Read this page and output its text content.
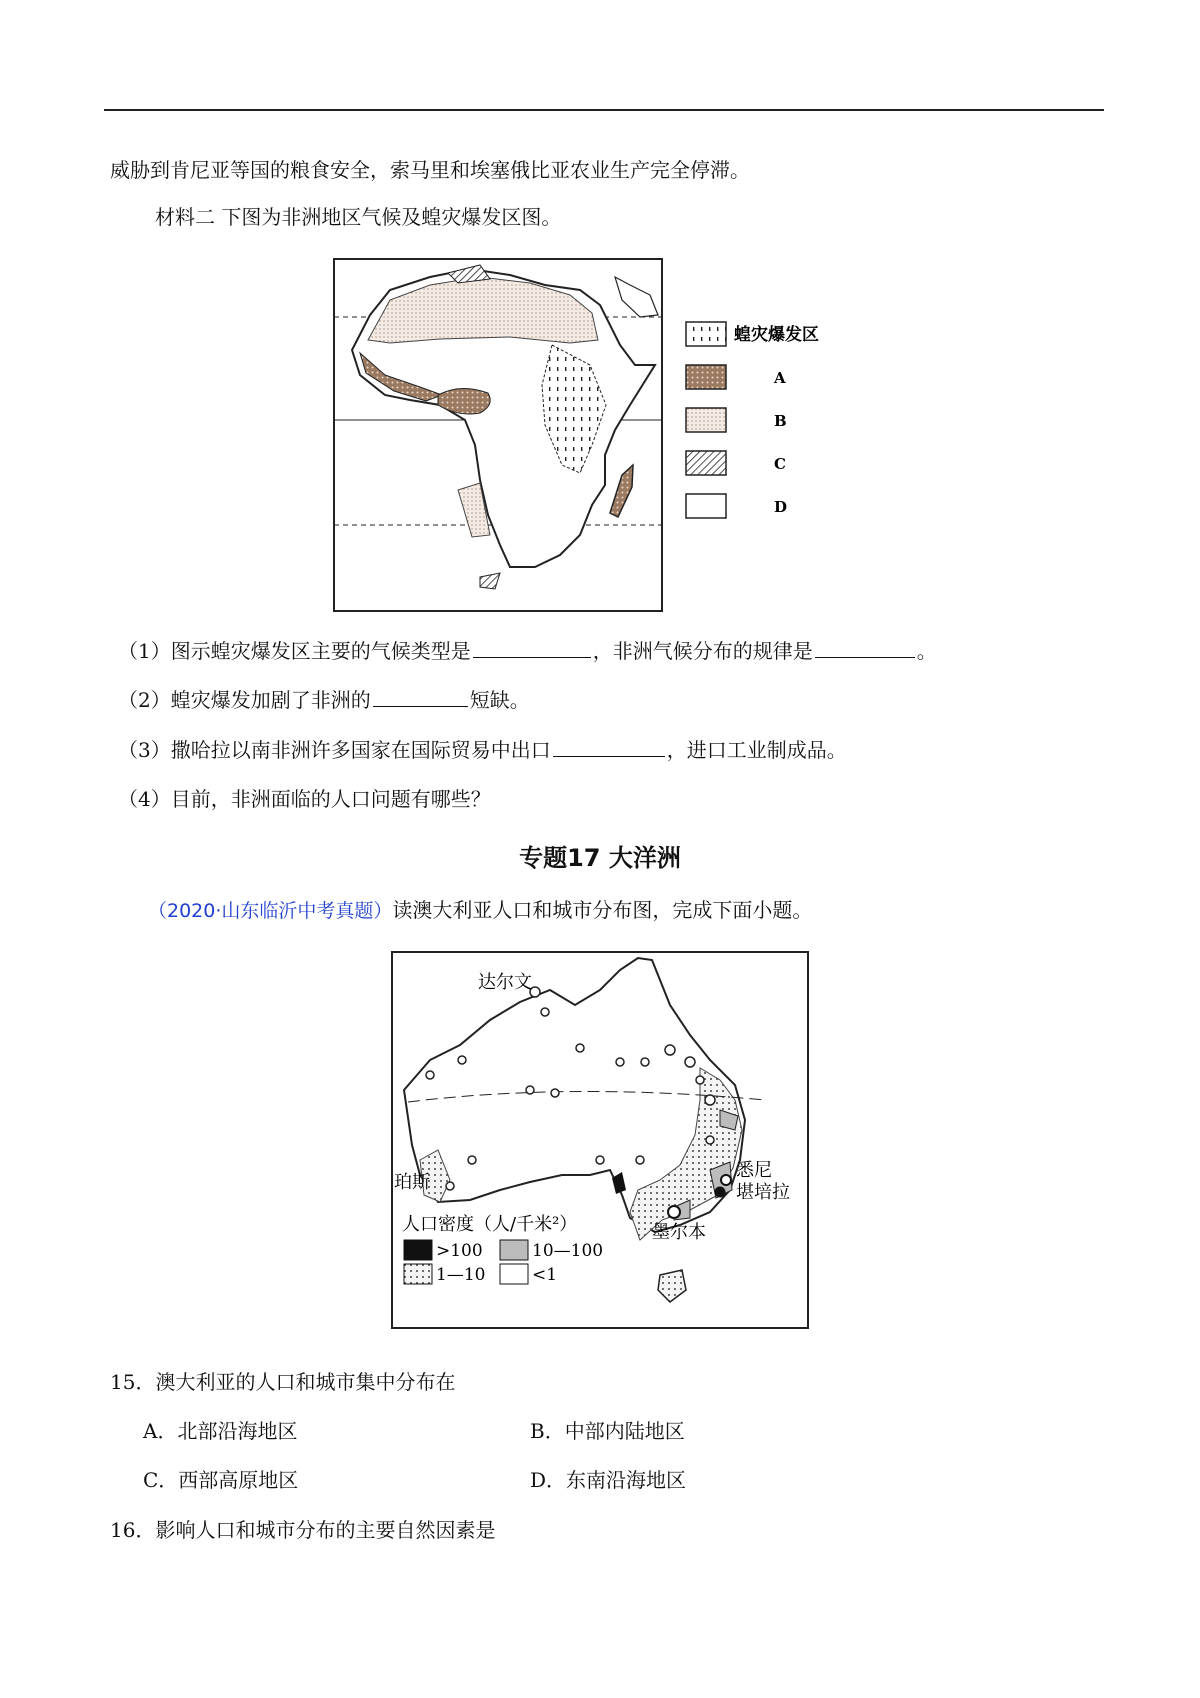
威胁到肯尼亚等国的粮食安全，索马里和埃塞俄比亚农业生产完全停滞。
材料二 下图为非洲地区气候及蝗灾爆发区图。
蝗灾爆发区
A
B
C
D
（1）图示蝗灾爆发区主要的气候类型是	，非洲气候分布的规律是	。
（2）蝗灾爆发加剧了非洲的	短缺。
（3）撒哈拉以南非洲许多国家在国际贸易中出口	，进口工业制成品。
（4）目前，非洲面临的人口问题有哪些？
专题17 大洋洲
（2020·山东临沂中考真题）读澳大利亚人口和城市分布图，完成下面小题。
达尔文
珀斯
悉尼
堪培拉
墨尔本
人口密度（人/千米²）
>100	10—100
1—10	<1
15．澳大利亚的人口和城市集中分布在
A．北部沿海地区	B．中部内陆地区
C．西部高原地区	D．东南沿海地区
16．影响人口和城市分布的主要自然因素是
